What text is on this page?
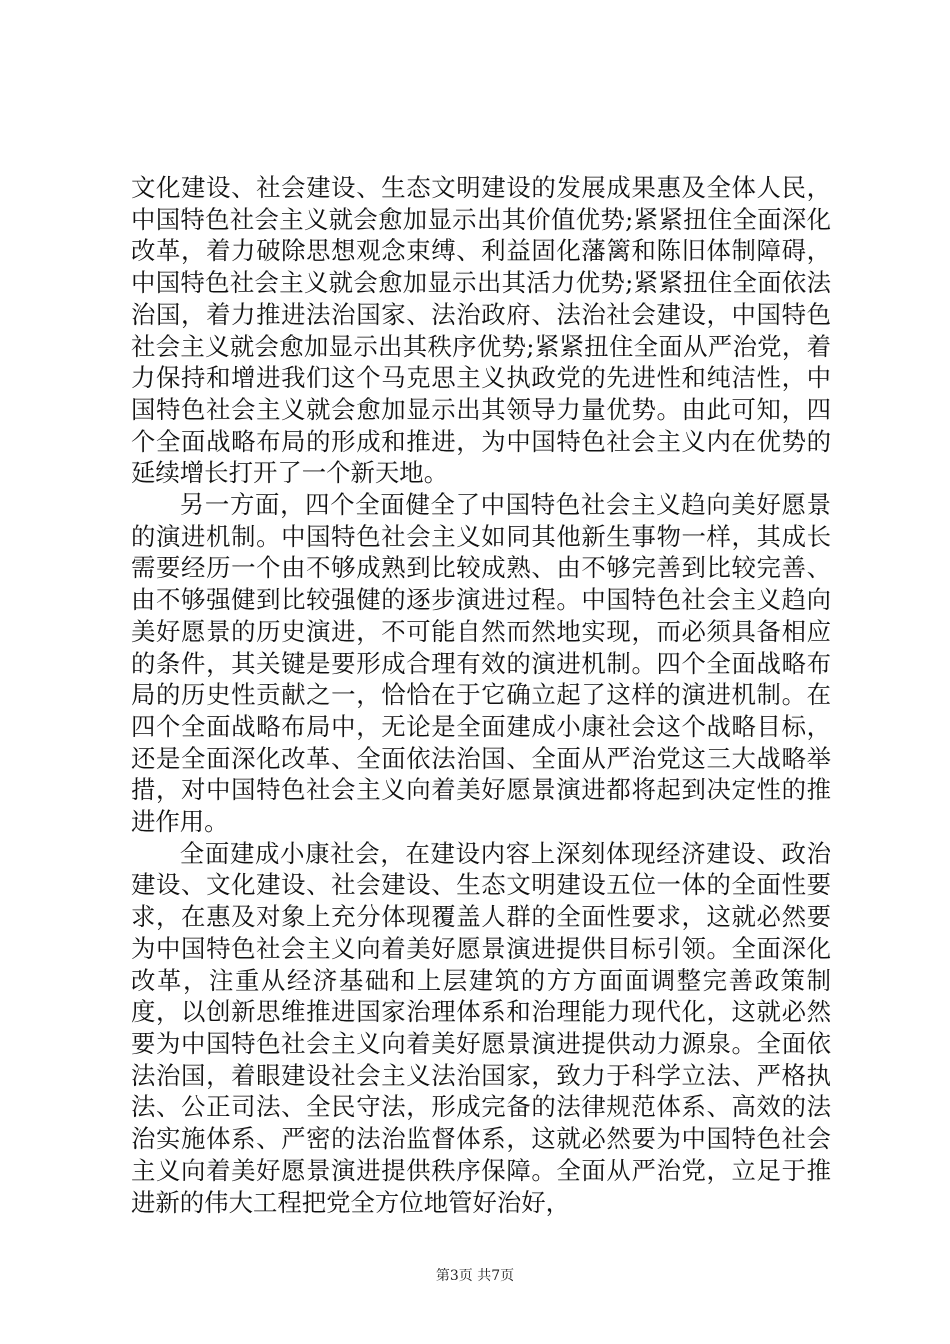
文化建设、社会建设、生态文明建设的发展成果惠及全体人民，中国特色社会主义就会愈加显示出其价值优势;紧紧扭住全面深化改革，着力破除思想观念束缚、利益固化藩篱和陈旧体制障碍，中国特色社会主义就会愈加显示出其活力优势;紧紧扭住全面依法治国，着力推进法治国家、法治政府、法治社会建设，中国特色社会主义就会愈加显示出其秩序优势;紧紧扭住全面从严治党，着力保持和增进我们这个马克思主义执政党的先进性和纯洁性，中国特色社会主义就会愈加显示出其领导力量优势。由此可知，四个全面战略布局的形成和推进，为中国特色社会主义内在优势的延续增长打开了一个新天地。

另一方面，四个全面健全了中国特色社会主义趋向美好愿景的演进机制。中国特色社会主义如同其他新生事物一样，其成长需要经历一个由不够成熟到比较成熟、由不够完善到比较完善、由不够强健到比较强健的逐步演进过程。中国特色社会主义趋向美好愿景的历史演进，不可能自然而然地实现，而必须具备相应的条件，其关键是要形成合理有效的演进机制。四个全面战略布局的历史性贡献之一，恰恰在于它确立起了这样的演进机制。在四个全面战略布局中，无论是全面建成小康社会这个战略目标，还是全面深化改革、全面依法治国、全面从严治党这三大战略举措，对中国特色社会主义向着美好愿景演进都将起到决定性的推进作用。

全面建成小康社会，在建设内容上深刻体现经济建设、政治建设、文化建设、社会建设、生态文明建设五位一体的全面性要求，在惠及对象上充分体现覆盖人群的全面性要求，这就必然要为中国特色社会主义向着美好愿景演进提供目标引领。全面深化改革，注重从经济基础和上层建筑的方方面面调整完善政策制度，以创新思维推进国家治理体系和治理能力现代化，这就必然要为中国特色社会主义向着美好愿景演进提供动力源泉。全面依法治国，着眼建设社会主义法治国家，致力于科学立法、严格执法、公正司法、全民守法，形成完备的法律规范体系、高效的法治实施体系、严密的法治监督体系，这就必然要为中国特色社会主义向着美好愿景演进提供秩序保障。全面从严治党，立足于推进新的伟大工程把党全方位地管好治好，

第3页 共7页
